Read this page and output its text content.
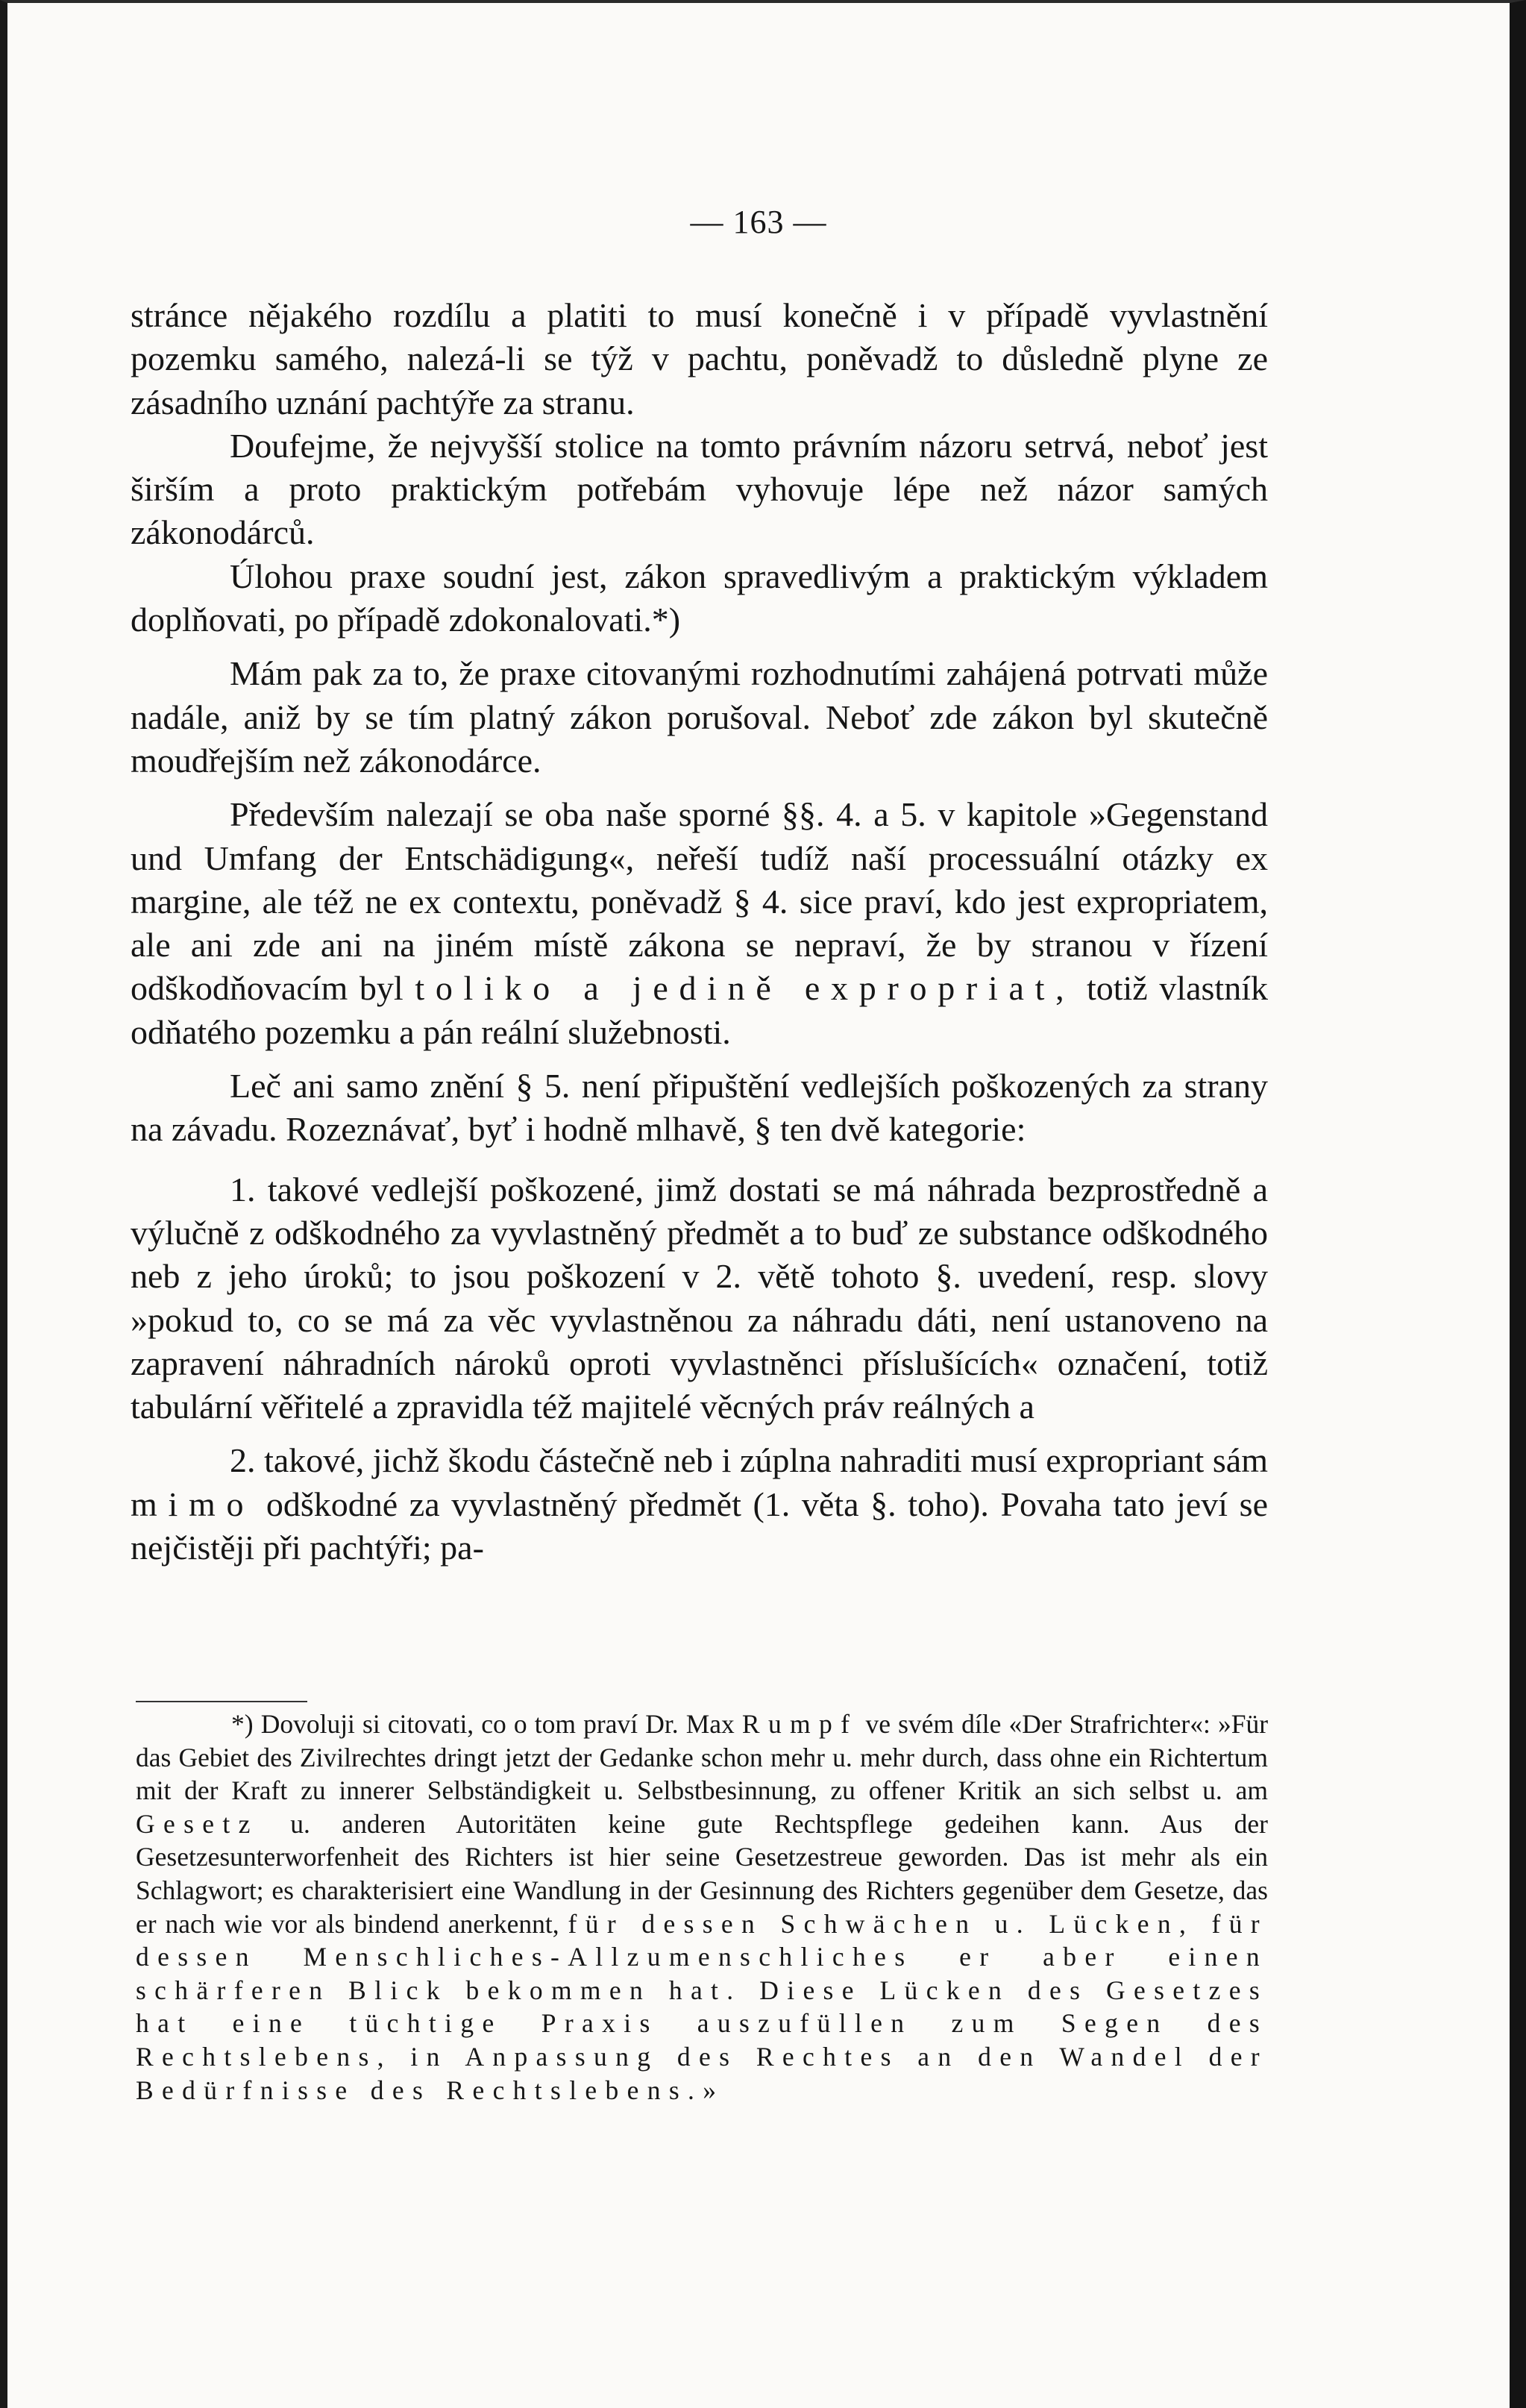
— 163 —

stránce nějakého rozdílu a platiti to musí konečně i v případě vyvlastnění pozemku samého, nalezá-li se týž v pachtu, poněvadž to důsledně plyne ze zásadního uznání pachtýře za stranu.

Doufejme, že nejvyšší stolice na tomto právním názoru setrvá, neboť jest širším a proto praktickým potřebám vyhovuje lépe než názor samých zákonodárců.

Úlohou praxe soudní jest, zákon spravedlivým a praktickým výkladem doplňovati, po případě zdokonalovati.*)

Mám pak za to, že praxe citovanými rozhodnutími zahájená potrvati může nadále, aniž by se tím platný zákon porušoval. Neboť zde zákon byl skutečně moudřejším než zákonodárce.

Především nalezají se oba naše sporné §§. 4. a 5. v kapitole »Gegenstand und Umfang der Entschädigung«, neřeší tudíž naší processuální otázky ex margine, ale též ne ex contextu, poněvadž § 4. sice praví, kdo jest expropriatem, ale ani zde ani na jiném místě zákona se nepraví, že by stranou v řízení odškodňovacím byl toliko a jedině expropriat, totiž vlastník odňatého pozemku a pán reální služebnosti.

Leč ani samo znění § 5. není připuštění vedlejších poškozených za strany na závadu. Rozeznávať, byť i hodně mlhavě, § ten dvě kategorie:

1. takové vedlejší poškozené, jimž dostati se má náhrada bezprostředně a výlučně z odškodného za vyvlastněný předmět a to buď ze substance odškodného neb z jeho úroků; to jsou poškození v 2. větě tohoto §. uvedení, resp. slovy »pokud to, co se má za věc vyvlastněnou za náhradu dáti, není ustanoveno na zapravení náhradních nároků oproti vyvlastněnci příslušících« označení, totiž tabulární věřitelé a zpravidla též majitelé věcných práv reálných a

2. takové, jichž škodu částečně neb i zúplna nahraditi musí expropriant sám mimo odškodné za vyvlastněný předmět (1. věta §. toho). Povaha tato jeví se nejčistěji při pachtýři; pa-

*) Dovoluji si citovati, co o tom praví Dr. Max Rumpf ve svém díle «Der Strafrichter«: »Für das Gebiet des Zivilrechtes dringt jetzt der Gedanke schon mehr u. mehr durch, dass ohne ein Richtertum mit der Kraft zu innerer Selbständigkeit u. Selbstbesinnung, zu offener Kritik an sich selbst u. am Gesetz u. anderen Autoritäten keine gute Rechtspflege gedeihen kann. Aus der Gesetzesunterworfenheit des Richters ist hier seine Gesetzestreue geworden. Das ist mehr als ein Schlagwort; es charakterisiert eine Wandlung in der Gesinnung des Richters gegenüber dem Gesetze, das er nach wie vor als bindend anerkennt, für dessen Schwächen u. Lücken, für dessen Menschliches-Allzumenschliches er aber einen schärferen Blick bekommen hat. Diese Lücken des Gesetzes hat eine tüchtige Praxis auszufüllen zum Segen des Rechtslebens, in Anpassung des Rechtes an den Wandel der Bedürfnisse des Rechtslebens.»
